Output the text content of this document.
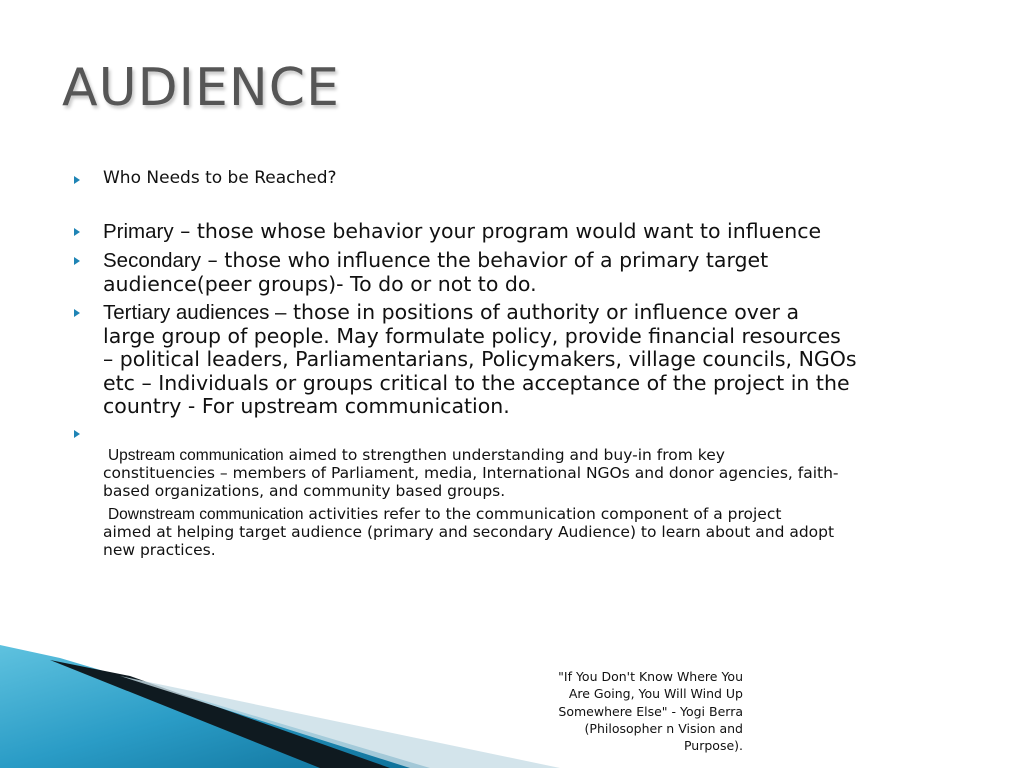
AUDIENCE
Who Needs to be Reached?
Primary – those whose behavior your program would want to influence
Secondary – those who influence the behavior of a primary target
audience(peer groups)- To do or not to do.
Tertiary audiences – those in positions of authority or influence over a
large group of people. May formulate policy, provide financial resources
– political leaders, Parliamentarians, Policymakers, village councils, NGOs
etc – Individuals or groups critical to the acceptance of the project in the
country - For upstream communication.
Upstream communication aimed to strengthen understanding and buy-in from key
constituencies – members of Parliament, media, International NGOs and donor agencies, faith-
based organizations, and community based groups.
Downstream communication activities refer to the communication component of a project
aimed at helping target audience (primary and secondary Audience) to learn about and adopt
new practices.
"If You Don't Know Where You
Are Going, You Will Wind Up
Somewhere Else" - Yogi Berra
(Philosopher n Vision and
Purpose).
